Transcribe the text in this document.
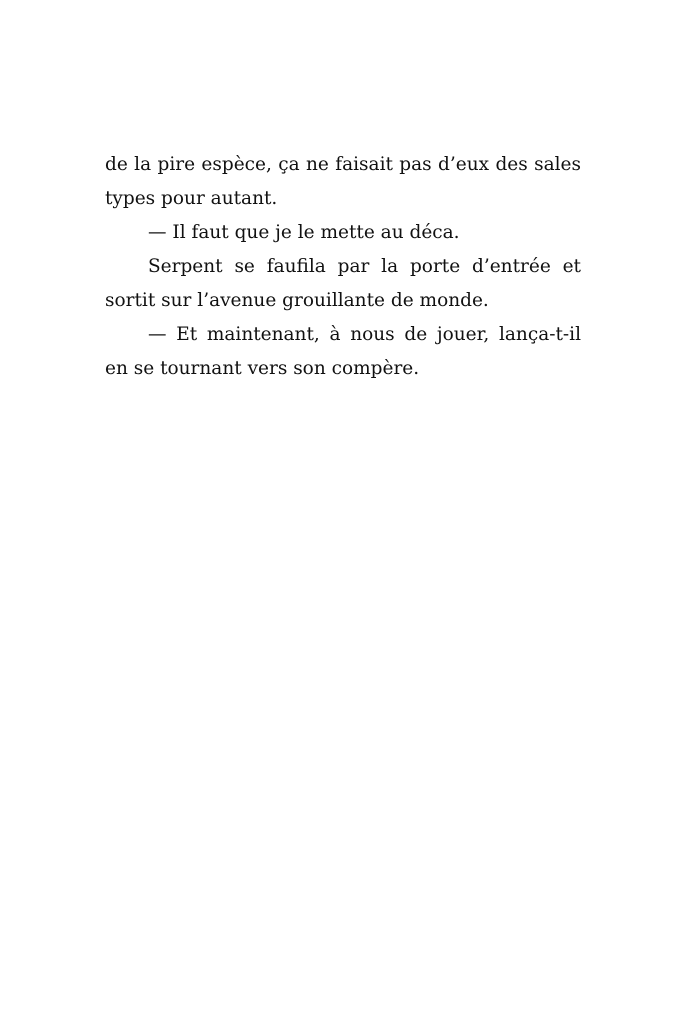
de la pire espèce, ça ne faisait pas d’eux des sales
types pour autant.
— Il faut que je le mette au déca.
Serpent se faufila par la porte d’entrée et
sortit sur l’avenue grouillante de monde.
— Et maintenant, à nous de jouer, lança-t-il
en se tournant vers son compère.
